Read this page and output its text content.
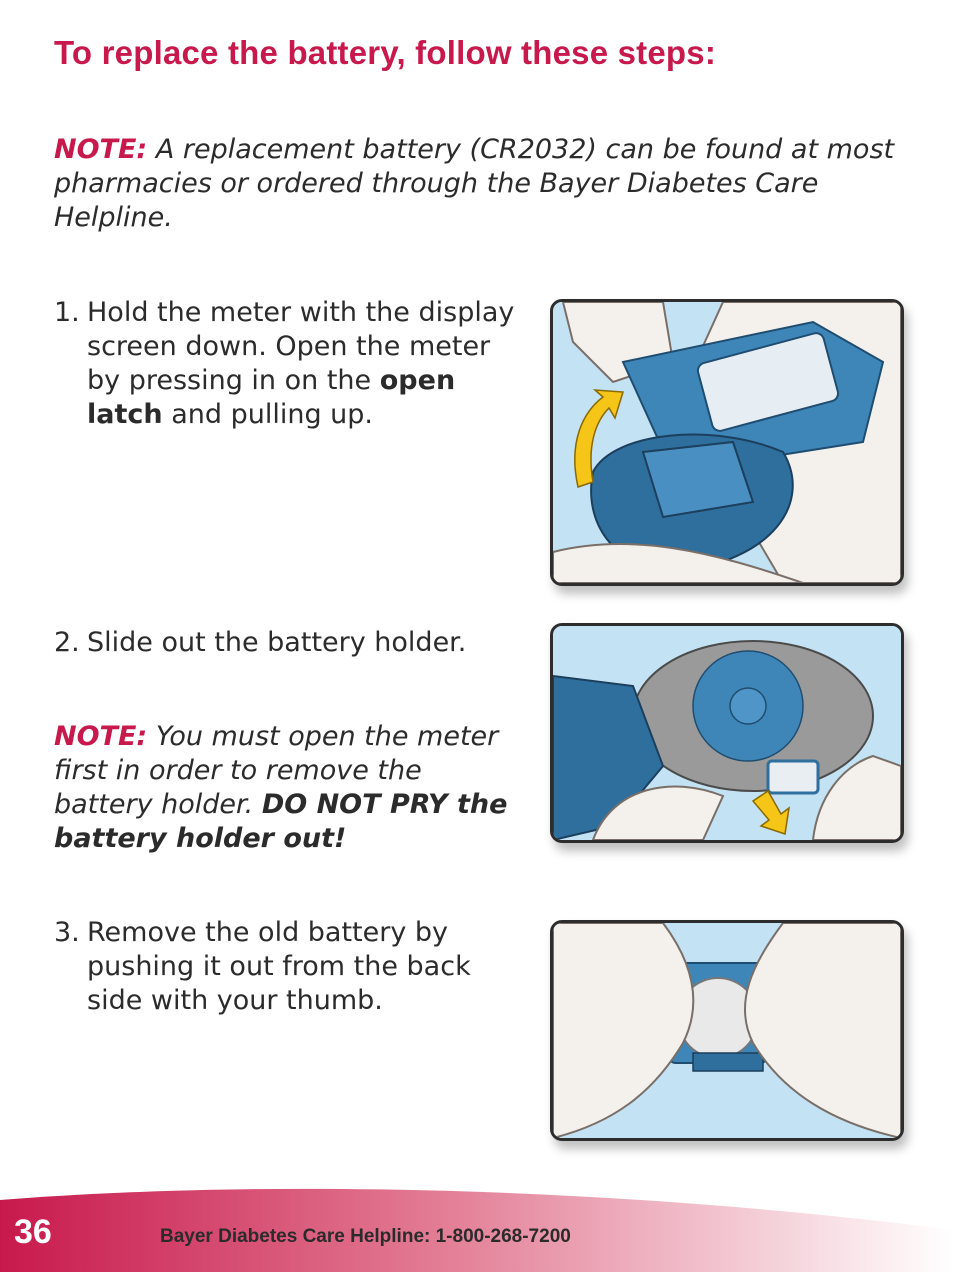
To replace the battery, follow these steps:
NOTE: A replacement battery (CR2032) can be found at most pharmacies or ordered through the Bayer Diabetes Care Helpline.
1. Hold the meter with the display screen down. Open the meter by pressing in on the open latch and pulling up.
2. Slide out the battery holder.
NOTE: You must open the meter first in order to remove the battery holder. DO NOT PRY the battery holder out!
3. Remove the old battery by pushing it out from the back side with your thumb.
36	Bayer Diabetes Care Helpline: 1-800-268-7200
